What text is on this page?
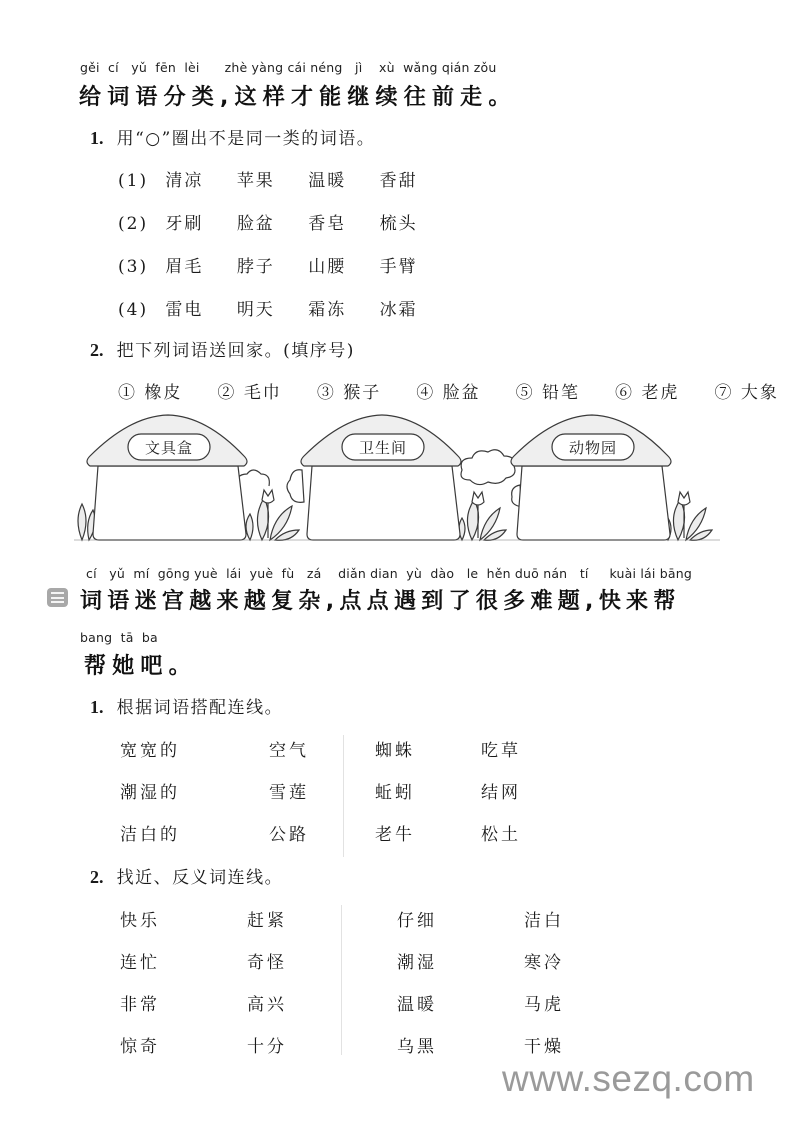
gěi  cí   yǔ  fēn  lèi      zhè yàng cái néng   jì    xù  wǎng qián zǒu
给词语分类,这样才能继续往前走。
1. 用“○”圈出不是同一类的词语。
(1) 清凉 苹果 温暖 香甜
(2) 牙刷 脸盆 香皂 梳头
(3) 眉毛 脖子 山腰 手臂
(4) 雷电 明天 霜冻 冰霜
2. 把下列词语送回家。(填序号)
① 橡皮 ② 毛巾 ③ 猴子 ④ 脸盆 ⑤ 铅笔 ⑥ 老虎 ⑦ 大象
文具盒	卫生间	动物园
cí   yǔ  mí  gōng yuè  lái  yuè  fù   zá    diǎn dian  yù  dào   le  hěn duō nán   tí     kuài lái bāng
词语迷宫越来越复杂,点点遇到了很多难题,快来帮
bang  tā  ba
帮她吧。
1. 根据词语搭配连线。
宽宽的
潮湿的
洁白的
空气
雪莲
公路
蜘蛛
蚯蚓
老牛
吃草
结网
松土
2. 找近、反义词连线。
快乐
连忙
非常
惊奇
赶紧
奇怪
高兴
十分
仔细
潮湿
温暖
乌黑
洁白
寒冷
马虎
干燥
www.sezq.com
